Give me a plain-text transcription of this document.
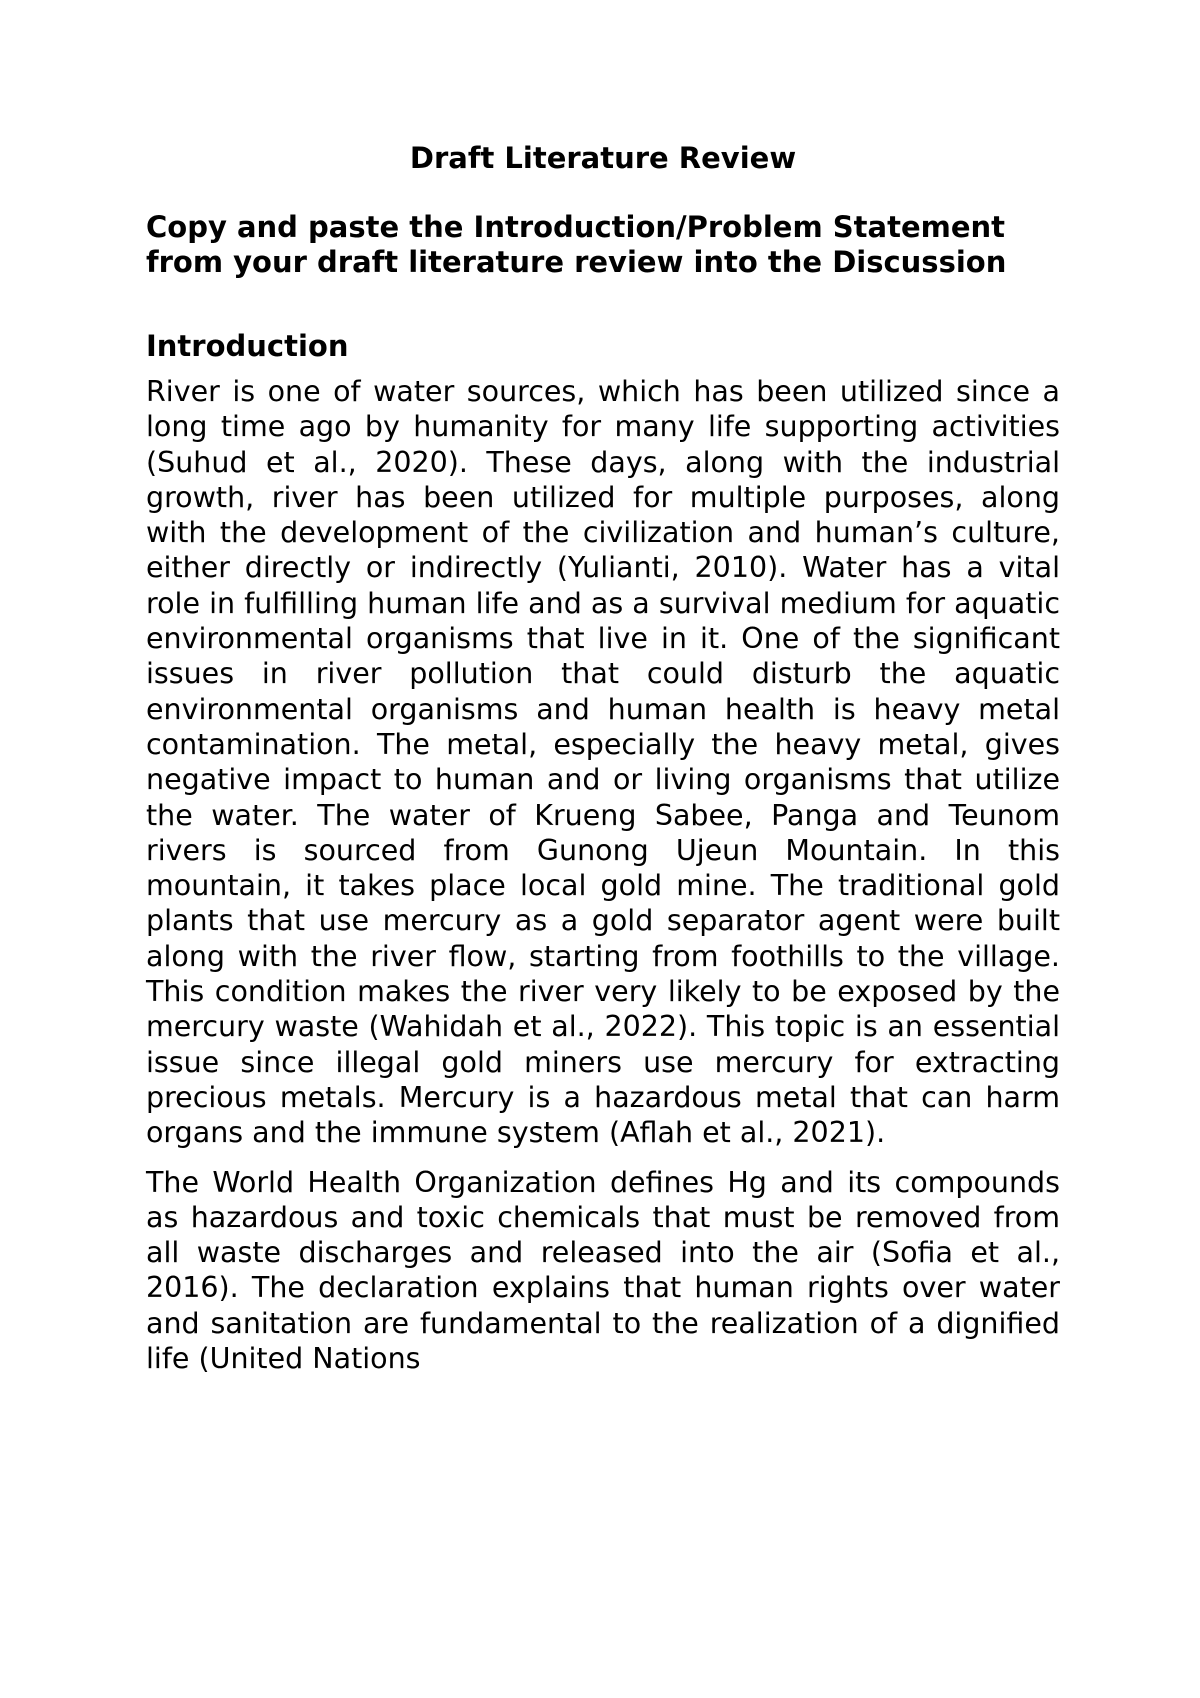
Draft Literature Review
Copy and paste the Introduction/Problem Statement from your draft literature review into the Discussion
Introduction

River is one of water sources, which has been utilized since a long time ago by humanity for many life supporting activities (Suhud et al., 2020). These days, along with the industrial growth, river has been utilized for multiple purposes, along with the development of the civilization and human’s culture, either directly or indirectly (Yulianti, 2010). Water has a vital role in fulfilling human life and as a survival medium for aquatic environmental organisms that live in it. One of the significant issues in river pollution that could disturb the aquatic environmental organisms and human health is heavy metal contamination. The metal, especially the heavy metal, gives negative impact to human and or living organisms that utilize the water. The water of Krueng Sabee, Panga and Teunom rivers is sourced from Gunong Ujeun Mountain. In this mountain, it takes place local gold mine. The traditional gold plants that use mercury as a gold separator agent were built along with the river flow, starting from foothills to the village. This condition makes the river very likely to be exposed by the mercury waste (Wahidah et al., 2022). This topic is an essential issue since illegal gold miners use mercury for extracting precious metals. Mercury is a hazardous metal that can harm organs and the immune system (Aflah et al., 2021).

The World Health Organization defines Hg and its compounds as hazardous and toxic chemicals that must be removed from all waste discharges and released into the air (Sofia et al., 2016). The declaration explains that human rights over water and sanitation are fundamental to the realization of a dignified life (United Nations
